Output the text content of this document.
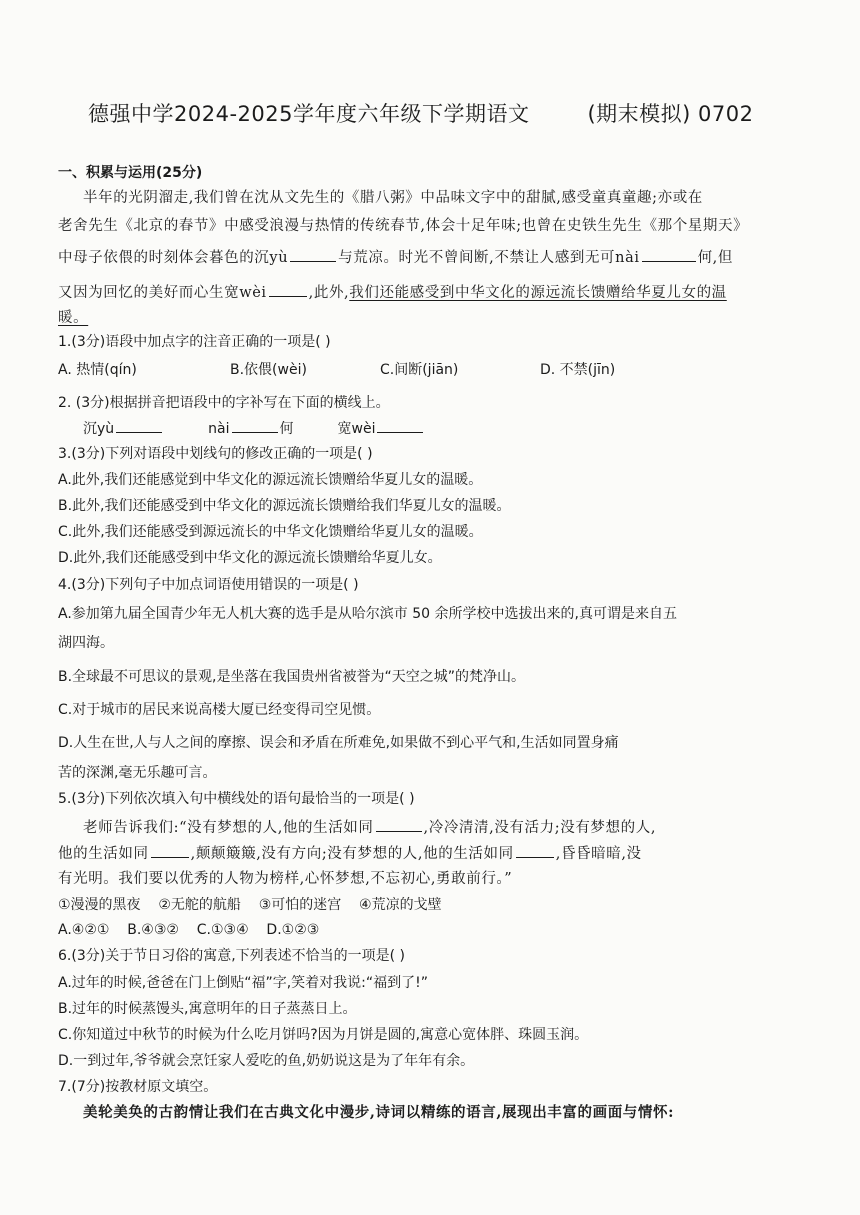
德强中学2024-2025学年度六年级下学期语文	(期末模拟) 0702
一、积累与运用(25分)
半年的光阴溜走,我们曾在沈从文先生的《腊八粥》中品味文字中的甜腻,感受童真童趣;亦或在
老舍先生《北京的春节》中感受浪漫与热情的传统春节,体会十足年味;也曾在史铁生先生《那个星期天》
中母子依偎的时刻体会暮色的沉yù	与荒凉。时光不曾间断,不禁让人感到无可nài	何,但
又因为回忆的美好而心生宽wèi	,此外,我们还能感受到中华文化的源远流长馈赠给华夏儿女的温
暖。
1.(3分)语段中加点字的注音正确的一项是( )
A. 热情(qín)	B.依偎(wèi)	C.间断(jiān)	D. 不禁(jīn)
2. (3分)根据拼音把语段中的字补写在下面的横线上。
沉yù	nài	何	宽wèi
3.(3分)下列对语段中划线句的修改正确的一项是( )
A.此外,我们还能感觉到中华文化的源远流长馈赠给华夏儿女的温暖。
B.此外,我们还能感受到中华文化的源远流长馈赠给我们华夏儿女的温暖。
C.此外,我们还能感受到源远流长的中华文化馈赠给华夏儿女的温暖。
D.此外,我们还能感受到中华文化的源远流长馈赠给华夏儿女。
4.(3分)下列句子中加点词语使用错误的一项是( )
A.参加第九届全国青少年无人机大赛的选手是从哈尔滨市 50 余所学校中选拔出来的,真可谓是来自五
湖四海。
B.全球最不可思议的景观,是坐落在我国贵州省被誉为“天空之城”的梵净山。
C.对于城市的居民来说高楼大厦已经变得司空见惯。
D.人生在世,人与人之间的摩擦、误会和矛盾在所难免,如果做不到心平气和,生活如同置身痛
苦的深渊,毫无乐趣可言。
5.(3分)下列依次填入句中横线处的语句最恰当的一项是( )
老师告诉我们:“没有梦想的人,他的生活如同	,冷冷清清,没有活力;没有梦想的人,
他的生活如同	,颠颠簸簸,没有方向;没有梦想的人,他的生活如同	,昏昏暗暗,没
有光明。我们要以优秀的人物为榜样,心怀梦想,不忘初心,勇敢前行。”
①漫漫的黑夜    ②无舵的航船    ③可怕的迷宫    ④荒凉的戈壁
A.④②①    B.④③②    C.①③④    D.①②③
6.(3分)关于节日习俗的寓意,下列表述不恰当的一项是( )
A.过年的时候,爸爸在门上倒贴“福”字,笑着对我说:“福到了!”
B.过年的时候蒸馒头,寓意明年的日子蒸蒸日上。
C.你知道过中秋节的时候为什么吃月饼吗?因为月饼是圆的,寓意心宽体胖、珠圆玉润。
D.一到过年,爷爷就会烹饪家人爱吃的鱼,奶奶说这是为了年年有余。
7.(7分)按教材原文填空。
美轮美奂的古韵情让我们在古典文化中漫步,诗词以精练的语言,展现出丰富的画面与情怀:
